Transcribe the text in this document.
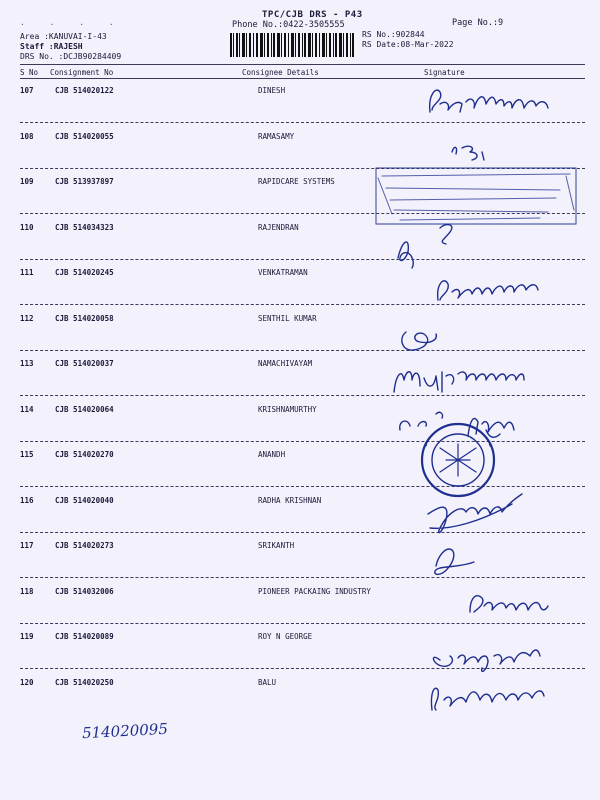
. . . .
TPC/CJB DRS - P43
Phone No.:0422-3505555	Page No.:9
Area :KANUVAI-I-43
Staff :RAJESH
DRS No. :DCJB90284409
RS No.:902844
RS Date:08-Mar-2022
S No Consignment No	Consignee Details	Signature
107	CJB 514020122	DINESH
108	CJB 514020055	RAMASAMY
109	CJB 513937897	RAPIDCARE SYSTEMS
110	CJB 514034323	RAJENDRAN
111	CJB 514020245	VENKATRAMAN
112	CJB 514020058	SENTHIL KUMAR
113	CJB 514020037	NAMACHIVAYAM
114	CJB 514020064	KRISHNAMURTHY
115	CJB 514020270	ANANDH
116	CJB 514020040	RADHA KRISHNAN
117	CJB 514020273	SRIKANTH
118	CJB 514032006	PIONEER PACKAING INDUSTRY
119	CJB 514020089	ROY N GEORGE
120	CJB 514020250	BALU
514020095
